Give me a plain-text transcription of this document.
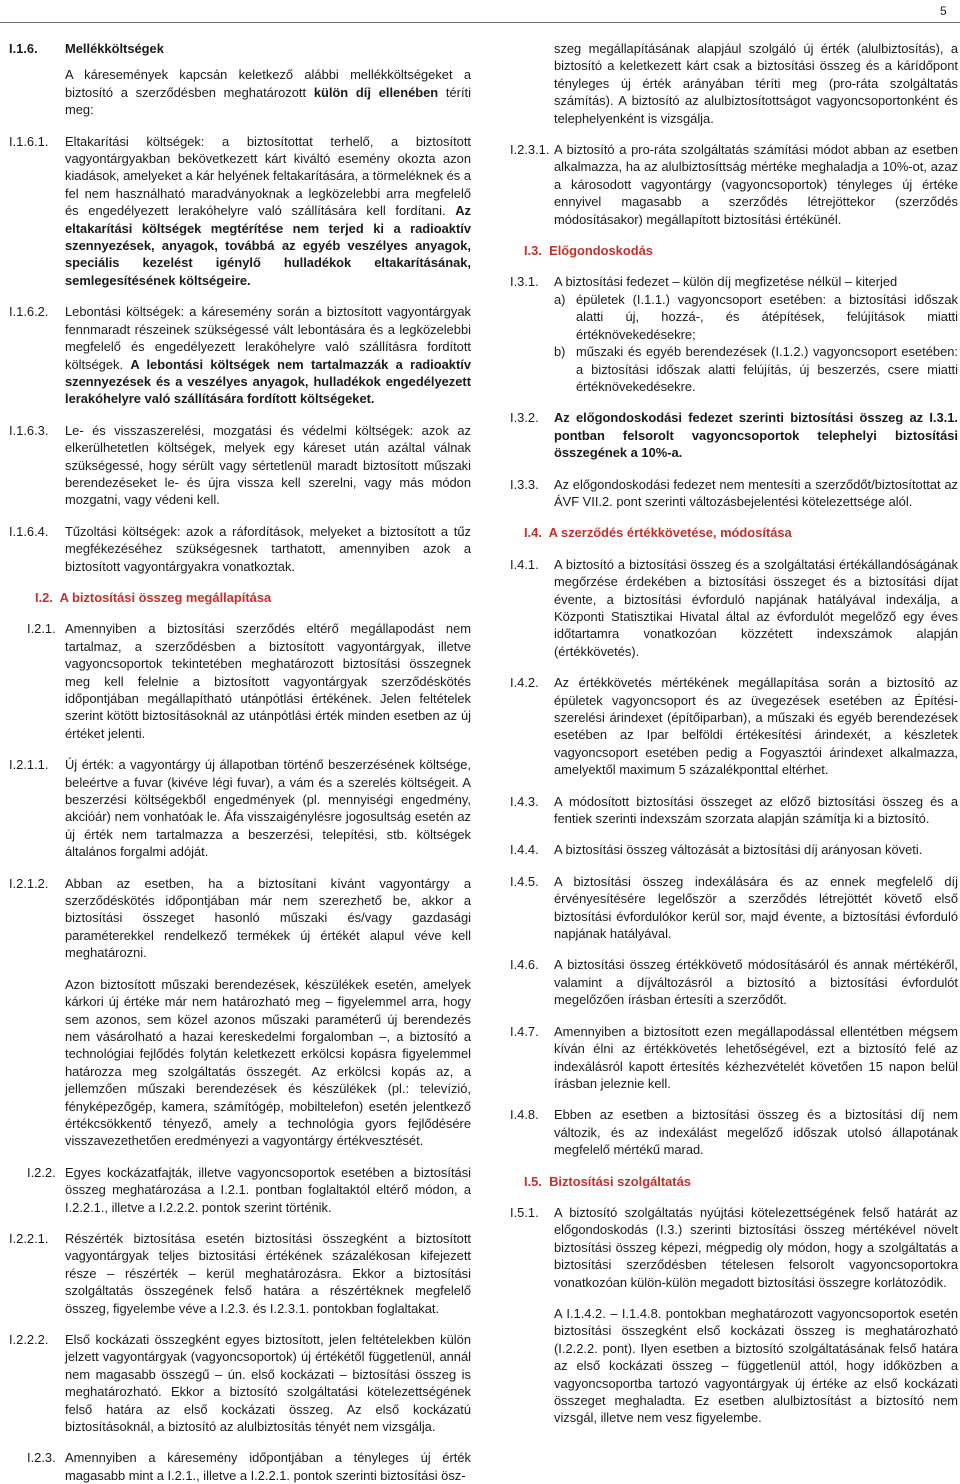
5
I.1.6.	Mellékköltségek

A káresemények kapcsán keletkező alábbi mellékköltségeket a biztosító a szerződésben meghatározott külön díj ellenében téríti meg:

I.1.6.1.	Eltakarítási költségek: a biztosítottat terhelő, a biztosított vagyontárgyakban bekövetkezett kárt kiváltó esemény okozta azon kiadások, amelyeket a kár helyének feltakarítására, a törmeléknek és a fel nem használható maradványoknak a legközelebbi arra megfelelő és engedélyezett lerakóhelyre való szállítására kell fordítani. Az eltakarítási költségek megtérítése nem terjed ki a radioaktív szennyezések, anyagok, továbbá az egyéb veszélyes anyagok, speciális kezelést igénylő hulladékok eltakarításának, semlegesítésének költségeire.
I.1.6.2.	Lebontási költségek: a káresemény során a biztosított vagyontárgyak fennmaradt részeinek szükségessé vált lebontására és a legközelebbi megfelelő és engedélyezett lerakóhelyre való szállításra fordított költségek. A lebontási költségek nem tartalmazzák a radioaktív szennyezések és a veszélyes anyagok, hulladékok engedélyezett lerakóhelyre való szállítására fordított költségeket.
I.1.6.3.	Le- és visszaszerelési, mozgatási és védelmi költségek: azok az elkerülhetetlen költségek, melyek egy káreset után azáltal válnak szükségessé, hogy sérült vagy sértetlenül maradt biztosított műszaki berendezéseket le- és újra vissza kell szerelni, vagy más módon mozgatni, vagy védeni kell.
I.1.6.4.	Tűzoltási költségek: azok a ráfordítások, melyeket a biztosított a tűz megfékezéséhez szükségesnek tarthatott, amennyiben azok a biztosított vagyontárgyakra vonatkoztak.
I.2. A biztosítási összeg megállapítása
I.2.1. Amennyiben a biztosítási szerződés eltérő megállapodást nem tartalmaz, a szerződésben a biztosított vagyontárgyak, illetve vagyoncsoportok tekintetében meghatározott biztosítási összegnek meg kell felelnie a biztosított vagyontárgyak szerződéskötés időpontjában megállapítható utánpótlási értékének. Jelen feltételek szerint kötött biztosításoknál az utánpótlási érték minden esetben az új értéket jelenti.
I.2.1.1.	Új érték: a vagyontárgy új állapotban történő beszerzésének költsége, beleértve a fuvar (kivéve légi fuvar), a vám és a szerelés költségeit. A beszerzési költségekből engedmények (pl. mennyiségi engedmény, akcióár) nem vonhatóak le. Áfa visszaigénylésre jogosultság esetén az új érték nem tartalmazza a beszerzési, telepítési, stb. költségek általános forgalmi adóját.
I.2.1.2.	Abban az esetben, ha a biztosítani kívánt vagyontárgy a szerződéskötés időpontjában már nem szerezhető be, akkor a biztosítási összeget hasonló műszaki és/vagy gazdasági paraméterekkel rendelkező termékek új értékét alapul véve kell meghatározni.

Azon biztosított műszaki berendezések, készülékek esetén, amelyek kárkori új értéke már nem határozható meg – figyelemmel arra, hogy sem azonos, sem közel azonos műszaki paraméterű új berendezés nem vásárolható a hazai kereskedelmi forgalomban –, a biztosító a technológiai fejlődés folytán keletkezett erkölcsi kopásra figyelemmel határozza meg szolgáltatás összegét. Az erkölcsi kopás az, a jellemzően műszaki berendezések és készülékek (pl.: televízió, fényképezőgép, kamera, számítógép, mobiltelefon) esetén jelentkező értékcsökkentő tényező, amely a technológia gyors fejlődésére visszavezethetően eredményezi a vagyontárgy értékvesztését.

I.2.2. Egyes kockázatfajták, illetve vagyoncsoportok esetében a biztosítási összeg meghatározása a I.2.1. pontban foglaltaktól eltérő módon, a I.2.2.1., illetve a I.2.2.2. pontok szerint történik.
I.2.2.1.	Részérték biztosítása esetén biztosítási összegként a biztosított vagyontárgyak teljes biztosítási értékének százalékosan kifejezett része – részérték – kerül meghatározásra. Ekkor a biztosítási szolgáltatás összegének felső határa a részértéknek megfelelő összeg, figyelembe véve a I.2.3. és I.2.3.1. pontokban foglaltakat.
I.2.2.2.	Első kockázati összegként egyes biztosított, jelen feltételekben külön jelzett vagyontárgyak (vagyoncsoportok) új értékétől függetlenül, annál nem magasabb összegű – ún. első kockázati – biztosítási összeg is meghatározható. Ekkor a biztosító szolgáltatási kötelezettségének felső határa az első kockázati összeg. Az első kockázatú biztosításoknál, a biztosító az alulbiztosítás tényét nem vizsgálja.
I.2.3. Amennyiben a káresemény időpontjában a tényleges új érték magasabb mint a I.2.1., illetve a I.2.2.1. pontok szerinti biztosítási ösz-

szeg megállapításának alapjául szolgáló új érték (alulbiztosítás), a biztosító a keletkezett kárt csak a biztosítási összeg és a kárídőpont tényleges új érték arányában téríti meg (pro-ráta szolgáltatás számítás). A biztosító az alulbiztosítottságot vagyoncsoportonként és telephelyenként is vizsgálja.

I.2.3.1. A biztosító a pro-ráta szolgáltatás számítási módot abban az esetben alkalmazza, ha az alulbiztosíttság mértéke meghaladja a 10%-ot, azaz a károsodott vagyontárgy (vagyoncsoportok) tényleges új értéke ennyivel magasabb a szerződés létrejöttekor (szerződés módosításakor) megállapított biztosítási értékünél.
I.3. Előgondoskodás
I.3.1.	A biztosítási fedezet – külön díj megfizetése nélkül – kiterjed
a) épületek (I.1.1.) vagyoncsoport esetében: a biztosítási időszak alatti új, hozzá-, és átépítések, felújítások miatti értéknövekedésekre;
b) műszaki és egyéb berendezések (I.1.2.) vagyoncsoport esetében: a biztosítási időszak alatti felújítás, új beszerzés, csere miatti értéknövekedésekre.
I.3.2.	Az előgondoskodási fedezet szerinti biztosítási összeg az I.3.1. pontban felsorolt vagyoncsoportok telephelyi biztosítási összegének a 10%-a.
I.3.3.	Az előgondoskodási fedezet nem mentesíti a szerződőt/biztosítottat az ÁVF VII.2. pont szerinti változásbejelentési kötelezettsége alól.
I.4. A szerződés értékkövetése, módosítása
I.4.1.	A biztosító a biztosítási összeg és a szolgáltatási értékállandóságának megőrzése érdekében a biztosítási összeget és a biztosítási díjat évente, a biztosítási évforduló napjának hatályával indexálja, a Központi Statisztikai Hivatal által az évfordulót megelőző egy éves időtartamra vonatkozóan közzétett indexszámok alapján (értékkövetés).
I.4.2.	Az értékkövetés mértékének megállapítása során a biztosító az épületek vagyoncsoport és az üvegezések esetében az Építési- szerelési árindexet (építőiparban), a műszaki és egyéb berendezések esetében az Ipar belföldi értékesítési árindexét, a készletek vagyoncsoport esetében pedig a Fogyasztói árindexet alkalmazza, amelyektől maximum 5 százalékponttal eltérhet.
I.4.3.	A módosított biztosítási összeget az előző biztosítási összeg és a fentiek szerinti indexszám szorzata alapján számítja ki a biztosító.
I.4.4.	A biztosítási összeg változását a biztosítási díj arányosan követi.
I.4.5.	A biztosítási összeg indexálására és az ennek megfelelő díj érvényesítésére legelőször a szerződés létrejöttét követő első biztosítási évfordulókor kerül sor, majd évente, a biztosítási évforduló napjának hatályával.
I.4.6.	A biztosítási összeg értékkövető módosításáról és annak mértékéről, valamint a díjváltozásról a biztosító a biztosítási évfordulót megelőzően írásban értesíti a szerződőt.
I.4.7.	Amennyiben a biztosított ezen megállapodással ellentétben mégsem kíván élni az értékkövetés lehetőségével, ezt a biztosító felé az indexálásról kapott értesítés kézhezvételét követően 15 napon belül írásban jeleznie kell.
I.4.8.	Ebben az esetben a biztosítási összeg és a biztosítási díj nem változik, és az indexálást megelőző időszak utolsó állapotának megfelelő mértékű marad.
I.5. Biztosítási szolgáltatás
I.5.1.	A biztosító szolgáltatás nyújtási kötelezettségének felső határát az előgondoskodás (I.3.) szerinti biztosítási összeg mértékével növelt biztosítási összeg képezi, mégpedig oly módon, hogy a szolgáltatás a biztosítási szerződésben tételesen felsorolt vagyoncsoportokra vonatkozóan külön-külön megadott biztosítási összegre korlátozódik.

A I.1.4.2. – I.1.4.8. pontokban meghatározott vagyoncsoportok esetén biztosítási összegként első kockázati összeg is meghatározható (I.2.2.2. pont). Ilyen esetben a biztosító szolgáltatásának felső határa az első kockázati összeg – függetlenül attól, hogy időközben a vagyoncsoportba tartozó vagyontárgyak új értéke az első kockázati összeget meghaladta. Ez esetben alulbiztosítást a biztosító nem vizsgál, illetve nem vesz figyelembe.
